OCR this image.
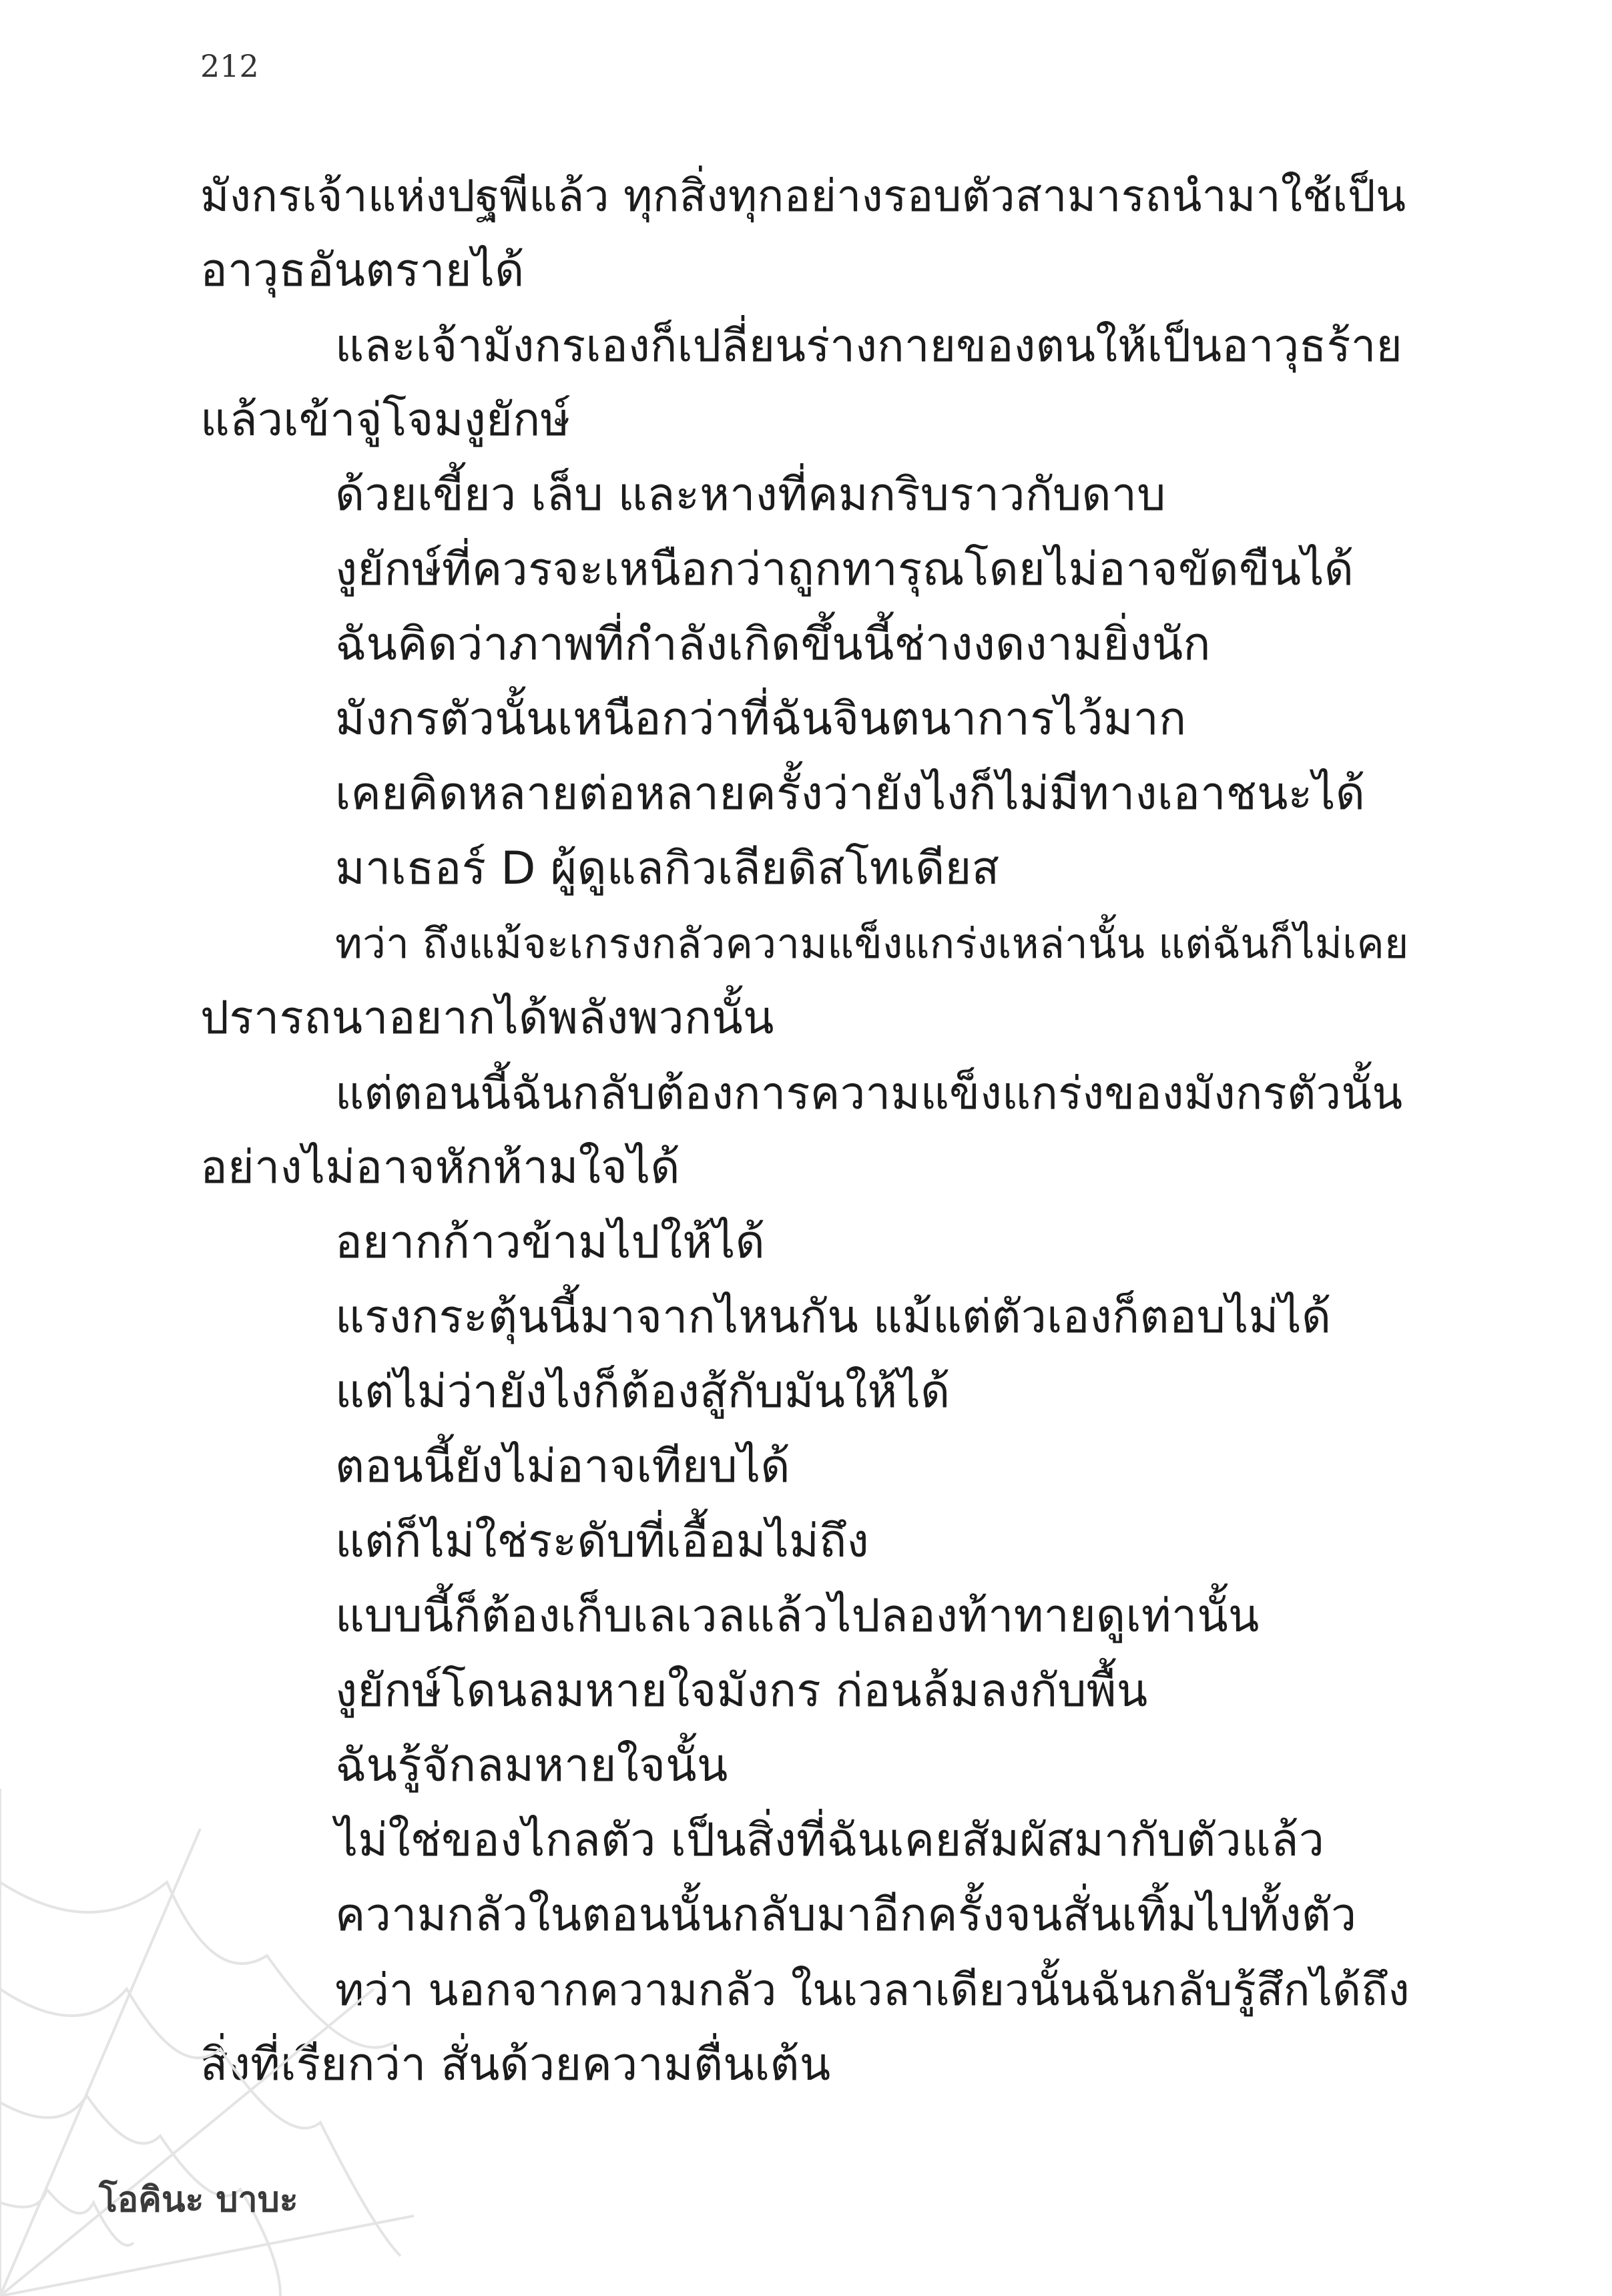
212
มังกรเจ้าแห่งปฐพีแล้ว ทุกสิ่งทุกอย่างรอบตัวสามารถนำมาใช้เป็น
อาวุธอันตรายได้
และเจ้ามังกรเองก็เปลี่ยนร่างกายของตนให้เป็นอาวุธร้าย
แล้วเข้าจู่โจมงูยักษ์
ด้วยเขี้ยว เล็บ และหางที่คมกริบราวกับดาบ
งูยักษ์ที่ควรจะเหนือกว่าถูกทารุณโดยไม่อาจขัดขืนได้
ฉันคิดว่าภาพที่กำลังเกิดขึ้นนี้ช่างงดงามยิ่งนัก
มังกรตัวนั้นเหนือกว่าที่ฉันจินตนาการไว้มาก
เคยคิดหลายต่อหลายครั้งว่ายังไงก็ไม่มีทางเอาชนะได้
มาเธอร์ D ผู้ดูแลกิวเลียดิสโทเดียส
ทว่า ถึงแม้จะเกรงกลัวความแข็งแกร่งเหล่านั้น แต่ฉันก็ไม่เคย
ปรารถนาอยากได้พลังพวกนั้น
แต่ตอนนี้ฉันกลับต้องการความแข็งแกร่งของมังกรตัวนั้น
อย่างไม่อาจหักห้ามใจได้
อยากก้าวข้ามไปให้ได้
แรงกระตุ้นนี้มาจากไหนกัน แม้แต่ตัวเองก็ตอบไม่ได้
แต่ไม่ว่ายังไงก็ต้องสู้กับมันให้ได้
ตอนนี้ยังไม่อาจเทียบได้
แต่ก็ไม่ใช่ระดับที่เอื้อมไม่ถึง
แบบนี้ก็ต้องเก็บเลเวลแล้วไปลองท้าทายดูเท่านั้น
งูยักษ์โดนลมหายใจมังกร ก่อนล้มลงกับพื้น
ฉันรู้จักลมหายใจนั้น
ไม่ใช่ของไกลตัว เป็นสิ่งที่ฉันเคยสัมผัสมากับตัวแล้ว
ความกลัวในตอนนั้นกลับมาอีกครั้งจนสั่นเทิ้มไปทั้งตัว
ทว่า นอกจากความกลัว ในเวลาเดียวนั้นฉันกลับรู้สึกได้ถึง
สิ่งที่เรียกว่า สั่นด้วยความตื่นเต้น
โอคินะ บาบะ
